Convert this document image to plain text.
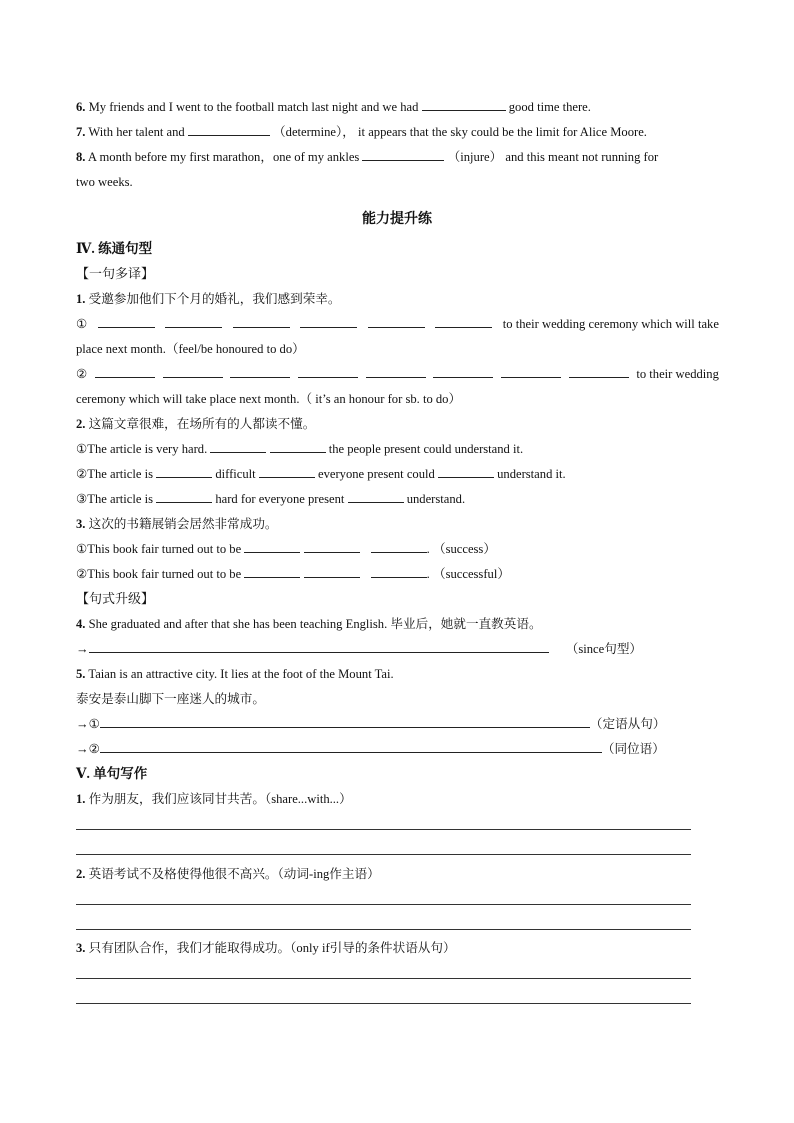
6. My friends and I went to the football match last night and we had	good time there.
7. With her talent and	（determine）， it appears that the sky could be the limit for Alice Moore.
8. A month before my first marathon，one of my ankles	（injure） and this meant not running for
two weeks.
能力提升练
Ⅳ. 练通句型
【一句多译】
1. 受邀参加他们下个月的婚礼，我们感到荣幸。
①	to their wedding ceremony which will take
place next month.（feel/be honoured to do）
②	to their wedding
ceremony which will take place next month.（ it’s an honour for sb. to do）
2. 这篇文章很难，在场所有的人都读不懂。
①The article is very hard.	the people present could understand it.
②The article is	difficult	everyone present could	understand it.
③The article is	hard for everyone present	understand.
3. 这次的书籍展销会居然非常成功。
①This book fair turned out to be	. （success）
②This book fair turned out to be	. （successful）
【句式升级】
4. She graduated and after that she has been teaching English. 毕业后，她就一直教英语。
→	（since句型）
5. Taian is an attractive city. It lies at the foot of the Mount Tai.
泰安是泰山脚下一座迷人的城市。
→①	（定语从句）
→②	（同位语）
Ⅴ. 单句写作
1. 作为朋友，我们应该同甘共苦。（share...with...）
2. 英语考试不及格使得他很不高兴。（动词-ing作主语）
3. 只有团队合作，我们才能取得成功。（only if引导的条件状语从句）
